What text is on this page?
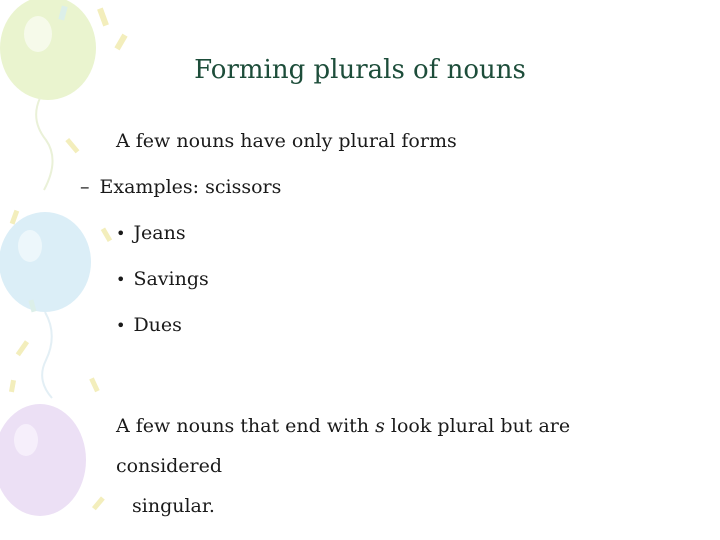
Forming plurals of nouns
A few nouns have only plural forms
– Examples: scissors
• Jeans
• Savings
• Dues
A few nouns that end with s look plural but are considered
singular.
